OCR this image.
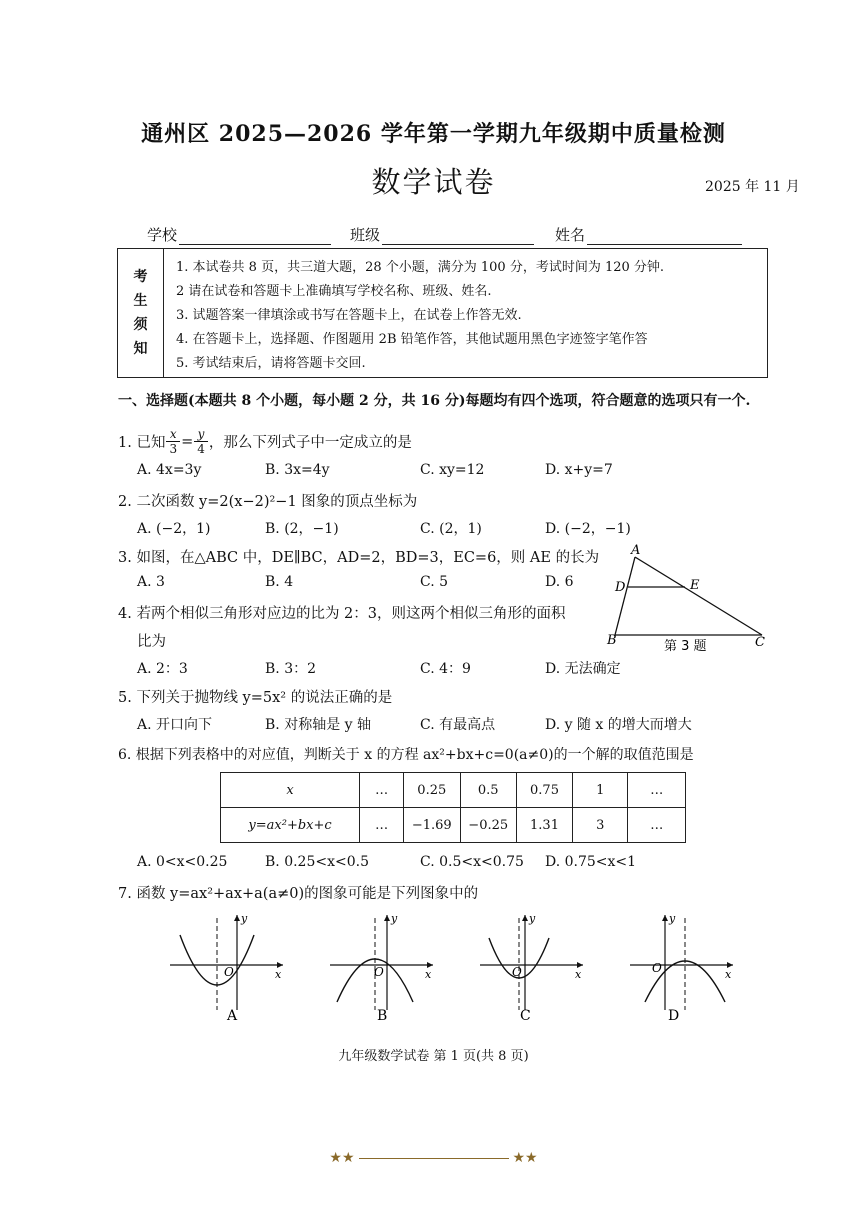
通州区 2025—2026 学年第一学期九年级期中质量检测
数学试卷	2025 年 11 月
学校	班级	姓名
考
生
须
知
1. 本试卷共 8 页，共三道大题，28 个小题，满分为 100 分，考试时间为 120 分钟.
2 请在试卷和答题卡上准确填写学校名称、班级、姓名.
3. 试题答案一律填涂或书写在答题卡上，在试卷上作答无效.
4. 在答题卡上，选择题、作图题用 2B 铅笔作答，其他试题用黑色字迹签字笔作答
5. 考试结束后，请将答题卡交回.
一、选择题(本题共 8 个小题，每小题 2 分，共 16 分)每题均有四个选项，符合题意的选项只有一个.
1. 已知 $\frac{x}{3} = \frac{y}{4}$ ，那么下列式子中一定成立的是
A. 4x=3y	B. 3x=4y	C. xy=12	D. x+y=7
2. 二次函数 y=2(x−2)²−1 图象的顶点坐标为
A. (−2，1)	B. (2，−1)	C. (2，1)	D. (−2，−1)
3. 如图，在△ABC 中，DE∥BC，AD=2，BD=3，EC=6，则 AE 的长为
A. 3	B. 4	C. 5	D. 6
A
D	E
B	C
第 3 题
4. 若两个相似三角形对应边的比为 2：3，则这两个相似三角形的面积
比为
A. 2：3	B. 3：2	C. 4：9	D. 无法确定
5. 下列关于抛物线 y=5x² 的说法正确的是
A. 开口向下	B. 对称轴是 y 轴	C. 有最高点	D. y 随 x 的增大而增大
6. 根据下列表格中的对应值，判断关于 x 的方程 ax²+bx+c=0(a≠0)的一个解的取值范围是
x	…	0.25	0.5	0.75	1	…
y=ax²+bx+c	…	−1.69	−0.25	1.31	3	…
A. 0<x<0.25	B. 0.25<x<0.5	C. 0.5<x<0.75 D. 0.75<x<1
7. 函数 y=ax²+ax+a(a≠0)的图象可能是下列图象中的
y
x
O
A
y
x
O
B
y
x
O
C
y
x
O
D
九年级数学试卷 第 1 页(共 8 页)
★★	★★
